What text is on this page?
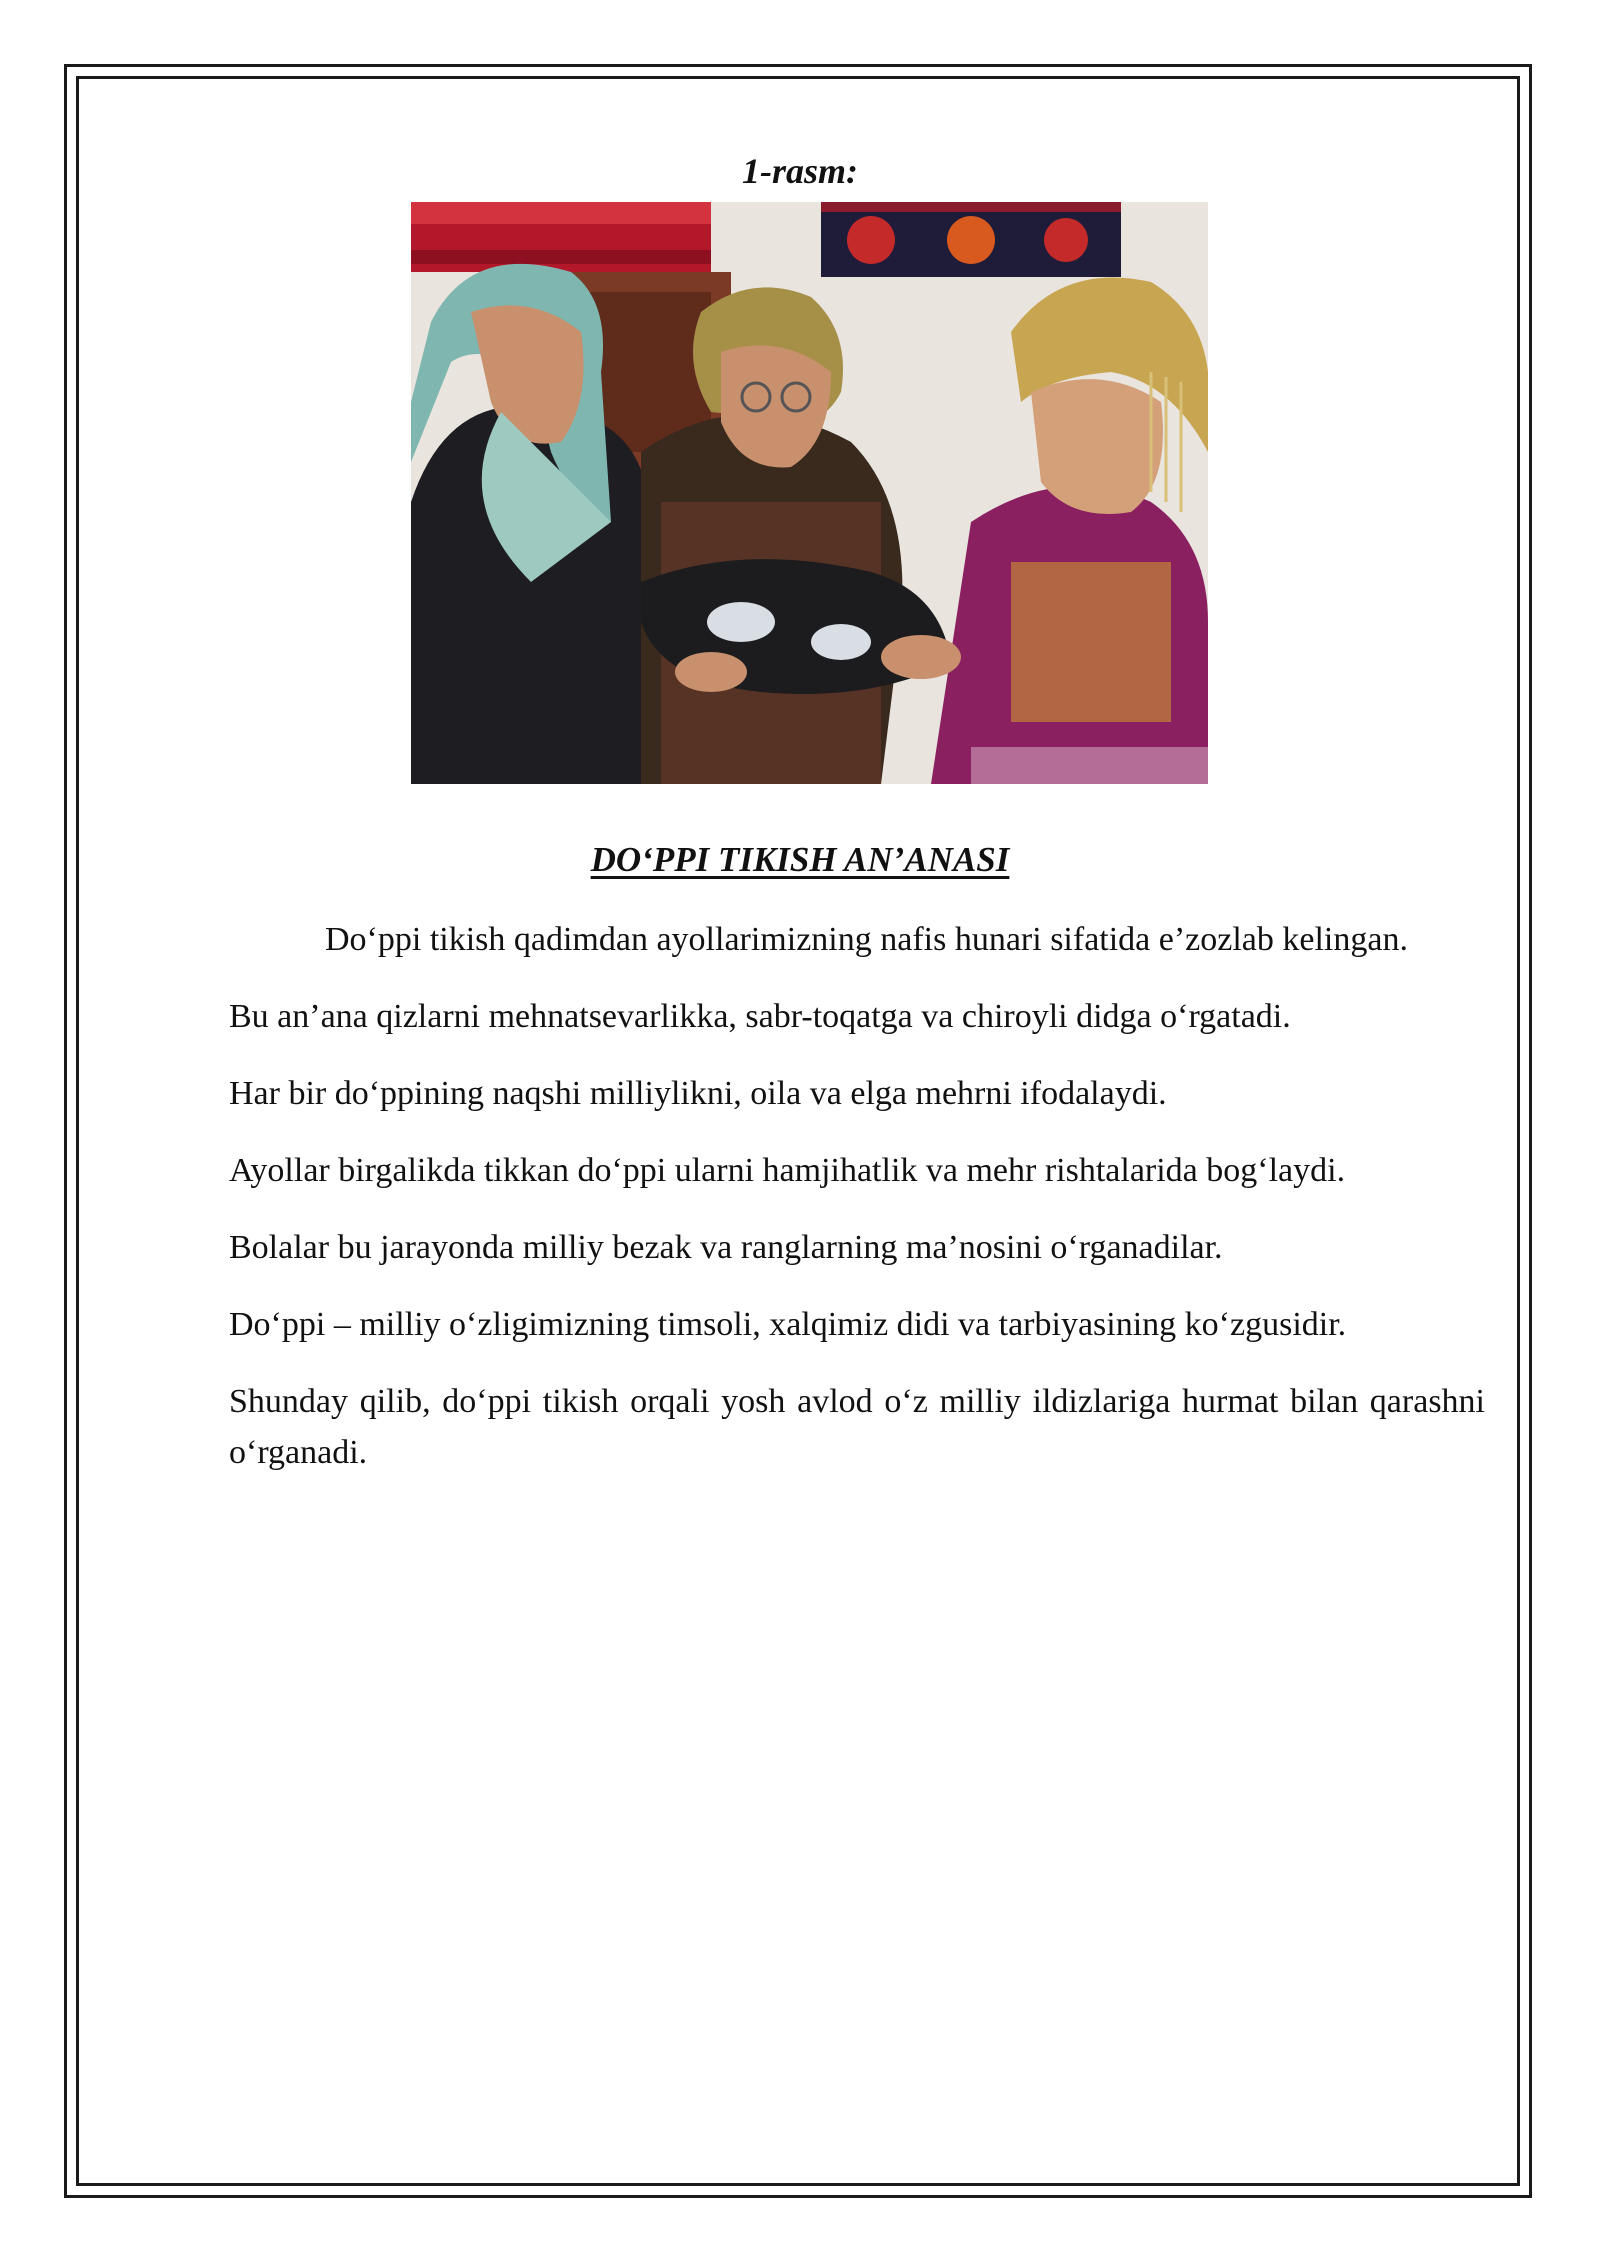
1-rasm:
DO‘PPI TIKISH AN’ANASI

Do‘ppi tikish qadimdan ayollarimizning nafis hunari sifatida e’zozlab kelingan.

Bu an’ana qizlarni mehnatsevarlikka, sabr-toqatga va chiroyli didga o‘rgatadi.

Har bir do‘ppining naqshi milliylikni, oila va elga mehrni ifodalaydi.

Ayollar birgalikda tikkan do‘ppi ularni hamjihatlik va mehr rishtalarida bog‘laydi.

Bolalar bu jarayonda milliy bezak va ranglarning ma’nosini o‘rganadilar.

Do‘ppi – milliy o‘zligimizning timsoli, xalqimiz didi va tarbiyasining ko‘zgusidir.

Shunday qilib, do‘ppi tikish orqali yosh avlod o‘z milliy ildizlariga hurmat bilan qarashni o‘rganadi.
